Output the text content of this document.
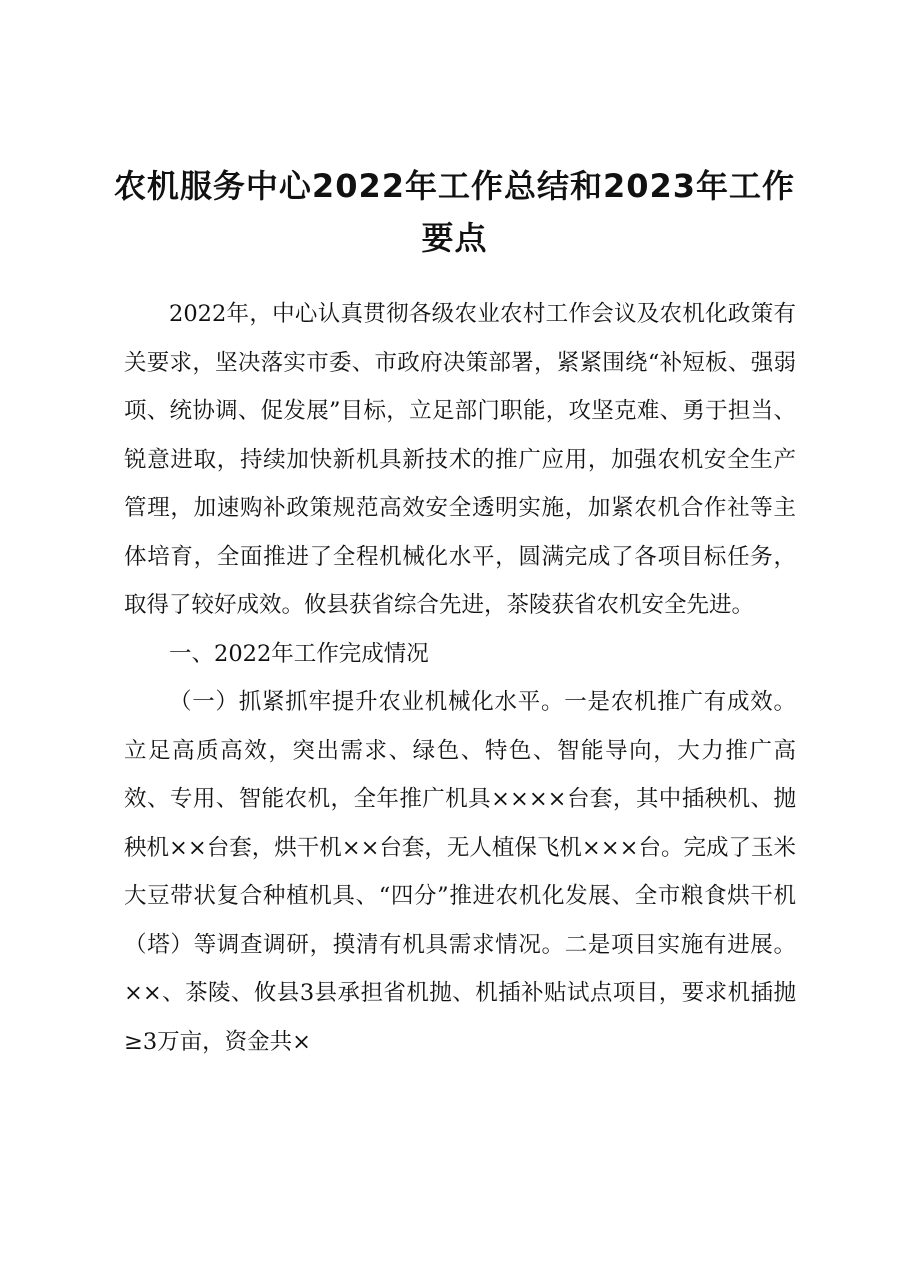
农机服务中心2022年工作总结和2023年工作要点

2022年，中心认真贯彻各级农业农村工作会议及农机化政策有关要求，坚决落实市委、市政府决策部署，紧紧围绕“补短板、强弱项、统协调、促发展”目标，立足部门职能，攻坚克难、勇于担当、锐意进取，持续加快新机具新技术的推广应用，加强农机安全生产管理，加速购补政策规范高效安全透明实施，加紧农机合作社等主体培育，全面推进了全程机械化水平，圆满完成了各项目标任务，取得了较好成效。攸县获省综合先进，茶陵获省农机安全先进。

一、2022年工作完成情况

（一）抓紧抓牢提升农业机械化水平。一是农机推广有成效。立足高质高效，突出需求、绿色、特色、智能导向，大力推广高效、专用、智能农机，全年推广机具××××台套，其中插秧机、抛秧机××台套，烘干机××台套，无人植保飞机×××台。完成了玉米大豆带状复合种植机具、“四分”推进农机化发展、全市粮食烘干机（塔）等调查调研，摸清有机具需求情况。二是项目实施有进展。××、茶陵、攸县3县承担省机抛、机插补贴试点项目，要求机插抛≥3万亩，资金共×
